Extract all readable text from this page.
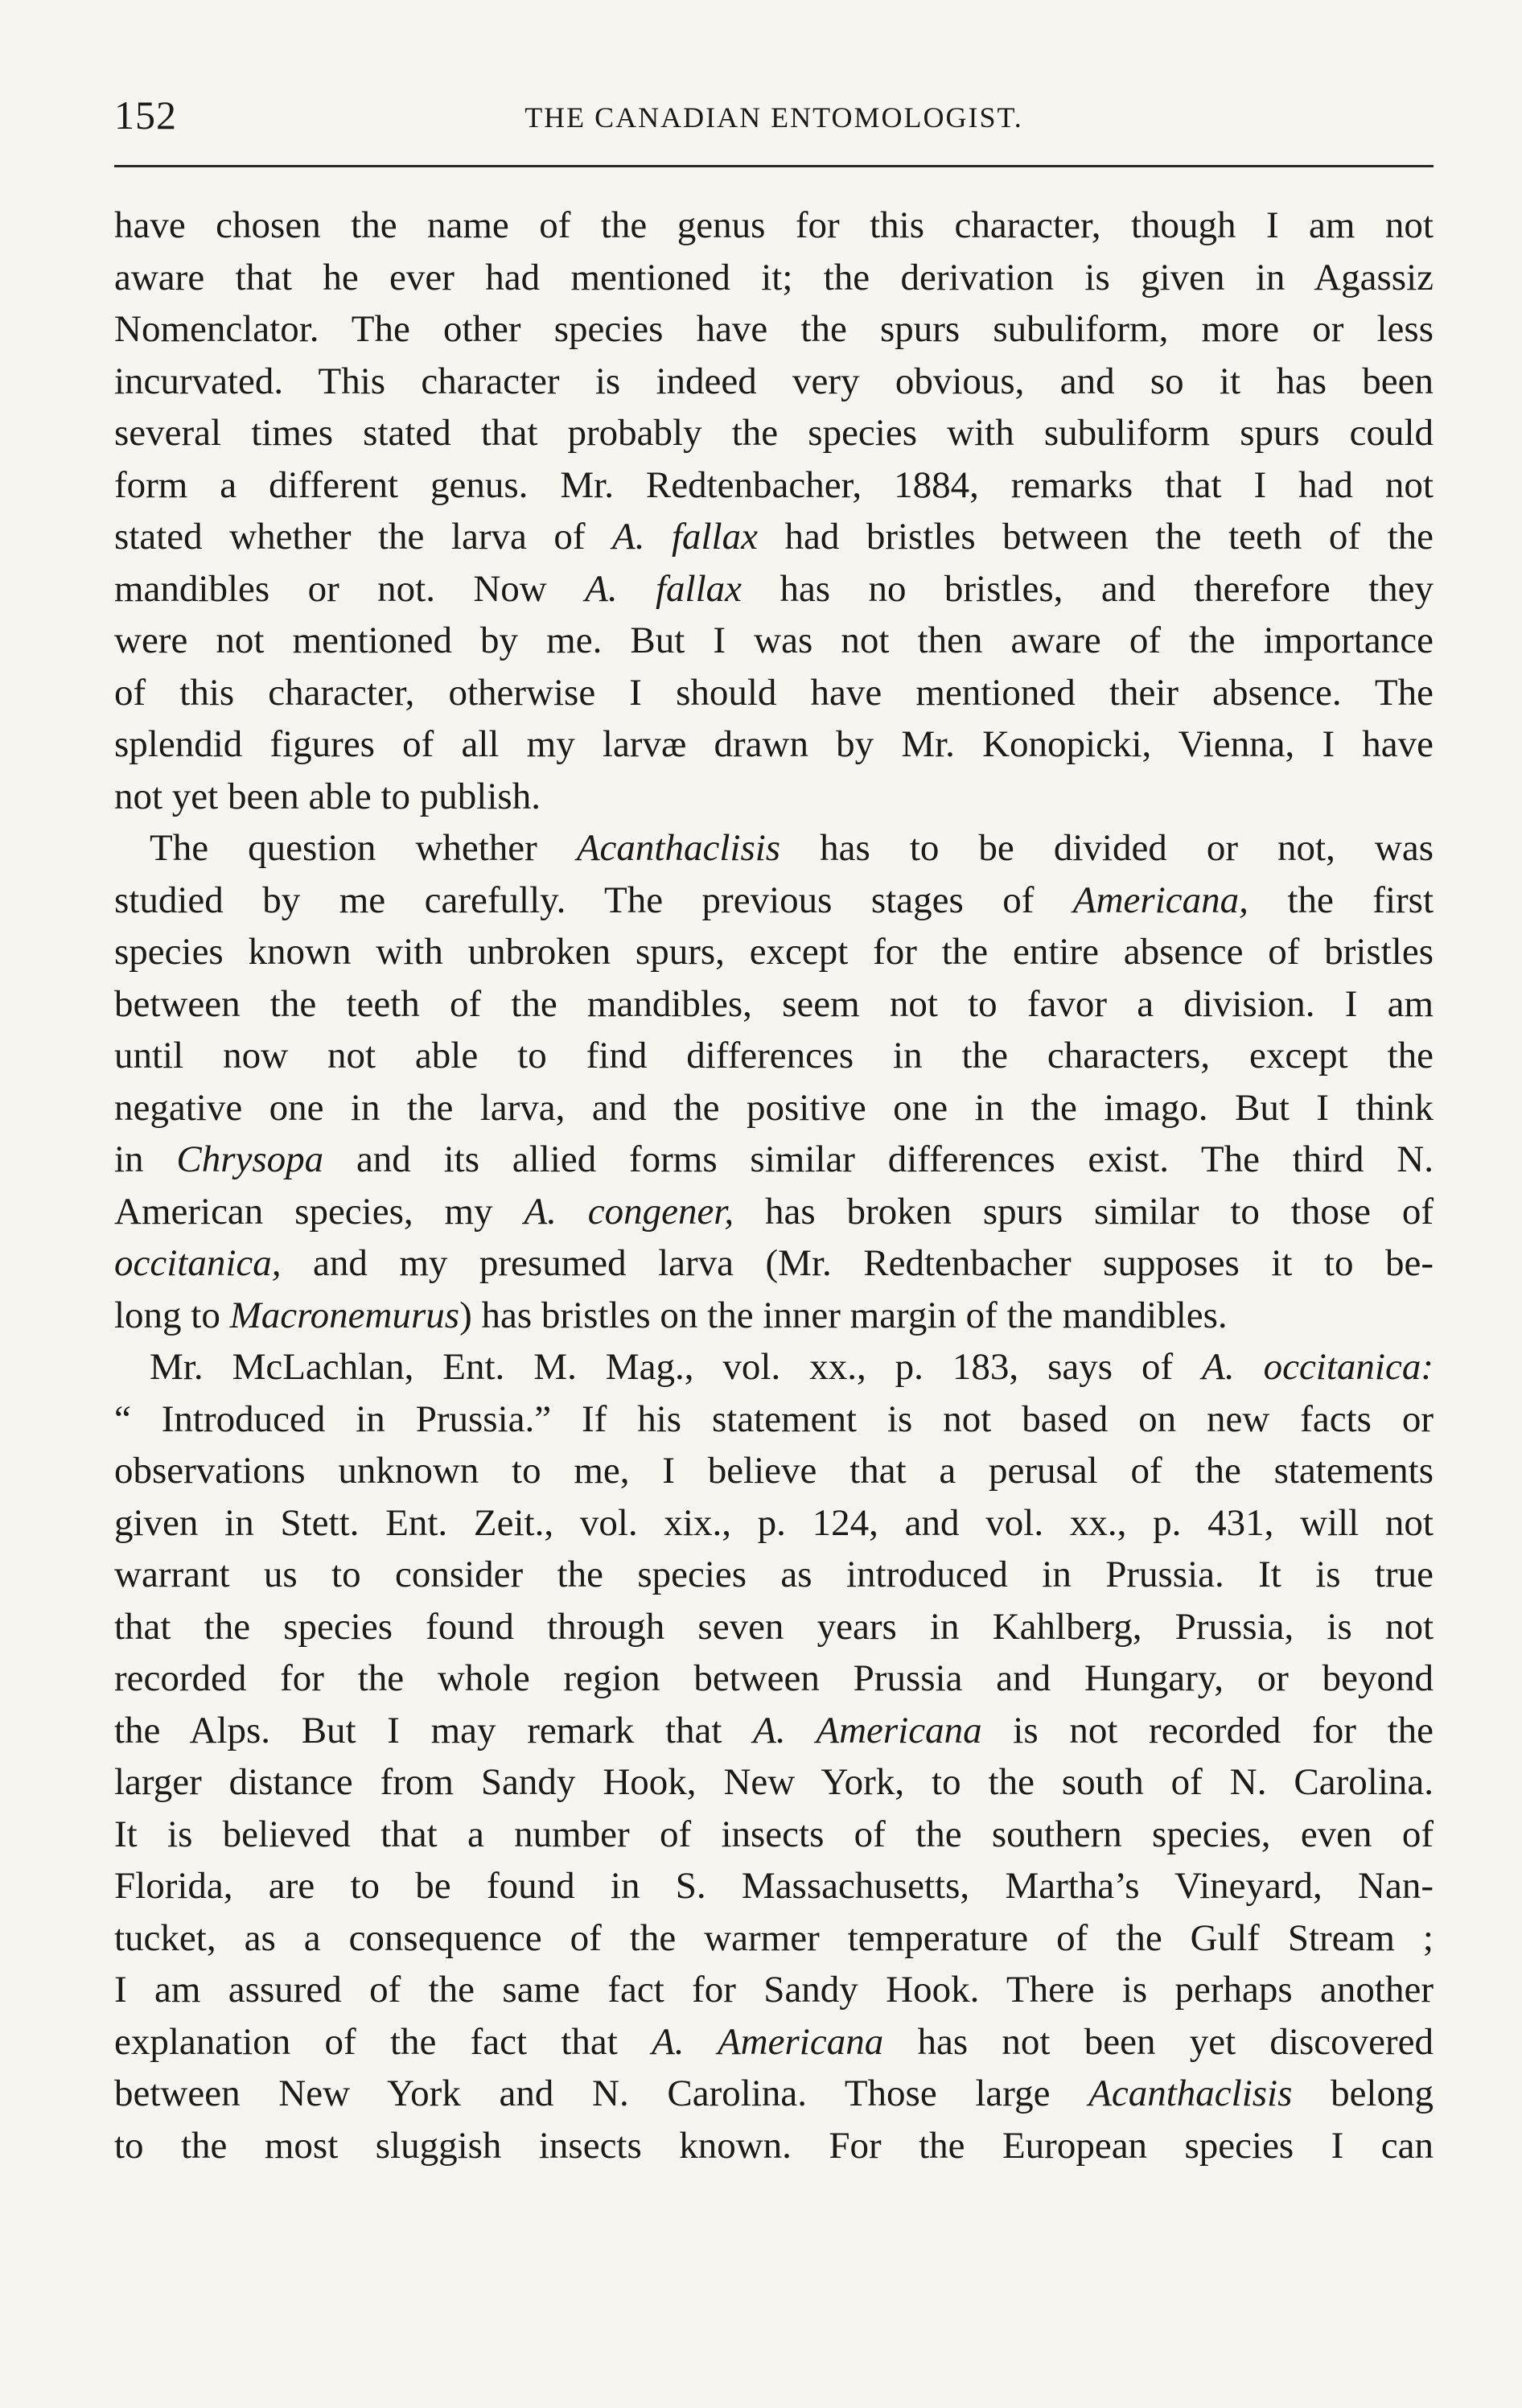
152	THE CANADIAN ENTOMOLOGIST.
have chosen the name of the genus for this character, though I am not
aware that he ever had mentioned it; the derivation is given in Agassiz
Nomenclator. The other species have the spurs subuliform, more or less
incurvated. This character is indeed very obvious, and so it has been
several times stated that probably the species with subuliform spurs could
form a different genus. Mr. Redtenbacher, 1884, remarks that I had not
stated whether the larva of A. fallax had bristles between the teeth of the
mandibles or not. Now A. fallax has no bristles, and therefore they
were not mentioned by me. But I was not then aware of the importance
of this character, otherwise I should have mentioned their absence. The
splendid figures of all my larvæ drawn by Mr. Konopicki, Vienna, I have
not yet been able to publish.
The question whether Acanthaclisis has to be divided or not, was
studied by me carefully. The previous stages of Americana, the first
species known with unbroken spurs, except for the entire absence of bristles
between the teeth of the mandibles, seem not to favor a division. I am
until now not able to find differences in the characters, except the
negative one in the larva, and the positive one in the imago. But I think
in Chrysopa and its allied forms similar differences exist. The third N.
American species, my A. congener, has broken spurs similar to those of
occitanica, and my presumed larva (Mr. Redtenbacher supposes it to be-
long to Macronemurus) has bristles on the inner margin of the mandibles.
Mr. McLachlan, Ent. M. Mag., vol. xx., p. 183, says of A. occitanica:
“ Introduced in Prussia.” If his statement is not based on new facts or
observations unknown to me, I believe that a perusal of the statements
given in Stett. Ent. Zeit., vol. xix., p. 124, and vol. xx., p. 431, will not
warrant us to consider the species as introduced in Prussia. It is true
that the species found through seven years in Kahlberg, Prussia, is not
recorded for the whole region between Prussia and Hungary, or beyond
the Alps. But I may remark that A. Americana is not recorded for the
larger distance from Sandy Hook, New York, to the south of N. Carolina.
It is believed that a number of insects of the southern species, even of
Florida, are to be found in S. Massachusetts, Martha’s Vineyard, Nan-
tucket, as a consequence of the warmer temperature of the Gulf Stream ;
I am assured of the same fact for Sandy Hook. There is perhaps another
explanation of the fact that A. Americana has not been yet discovered
between New York and N. Carolina. Those large Acanthaclisis belong
to the most sluggish insects known. For the European species I can
